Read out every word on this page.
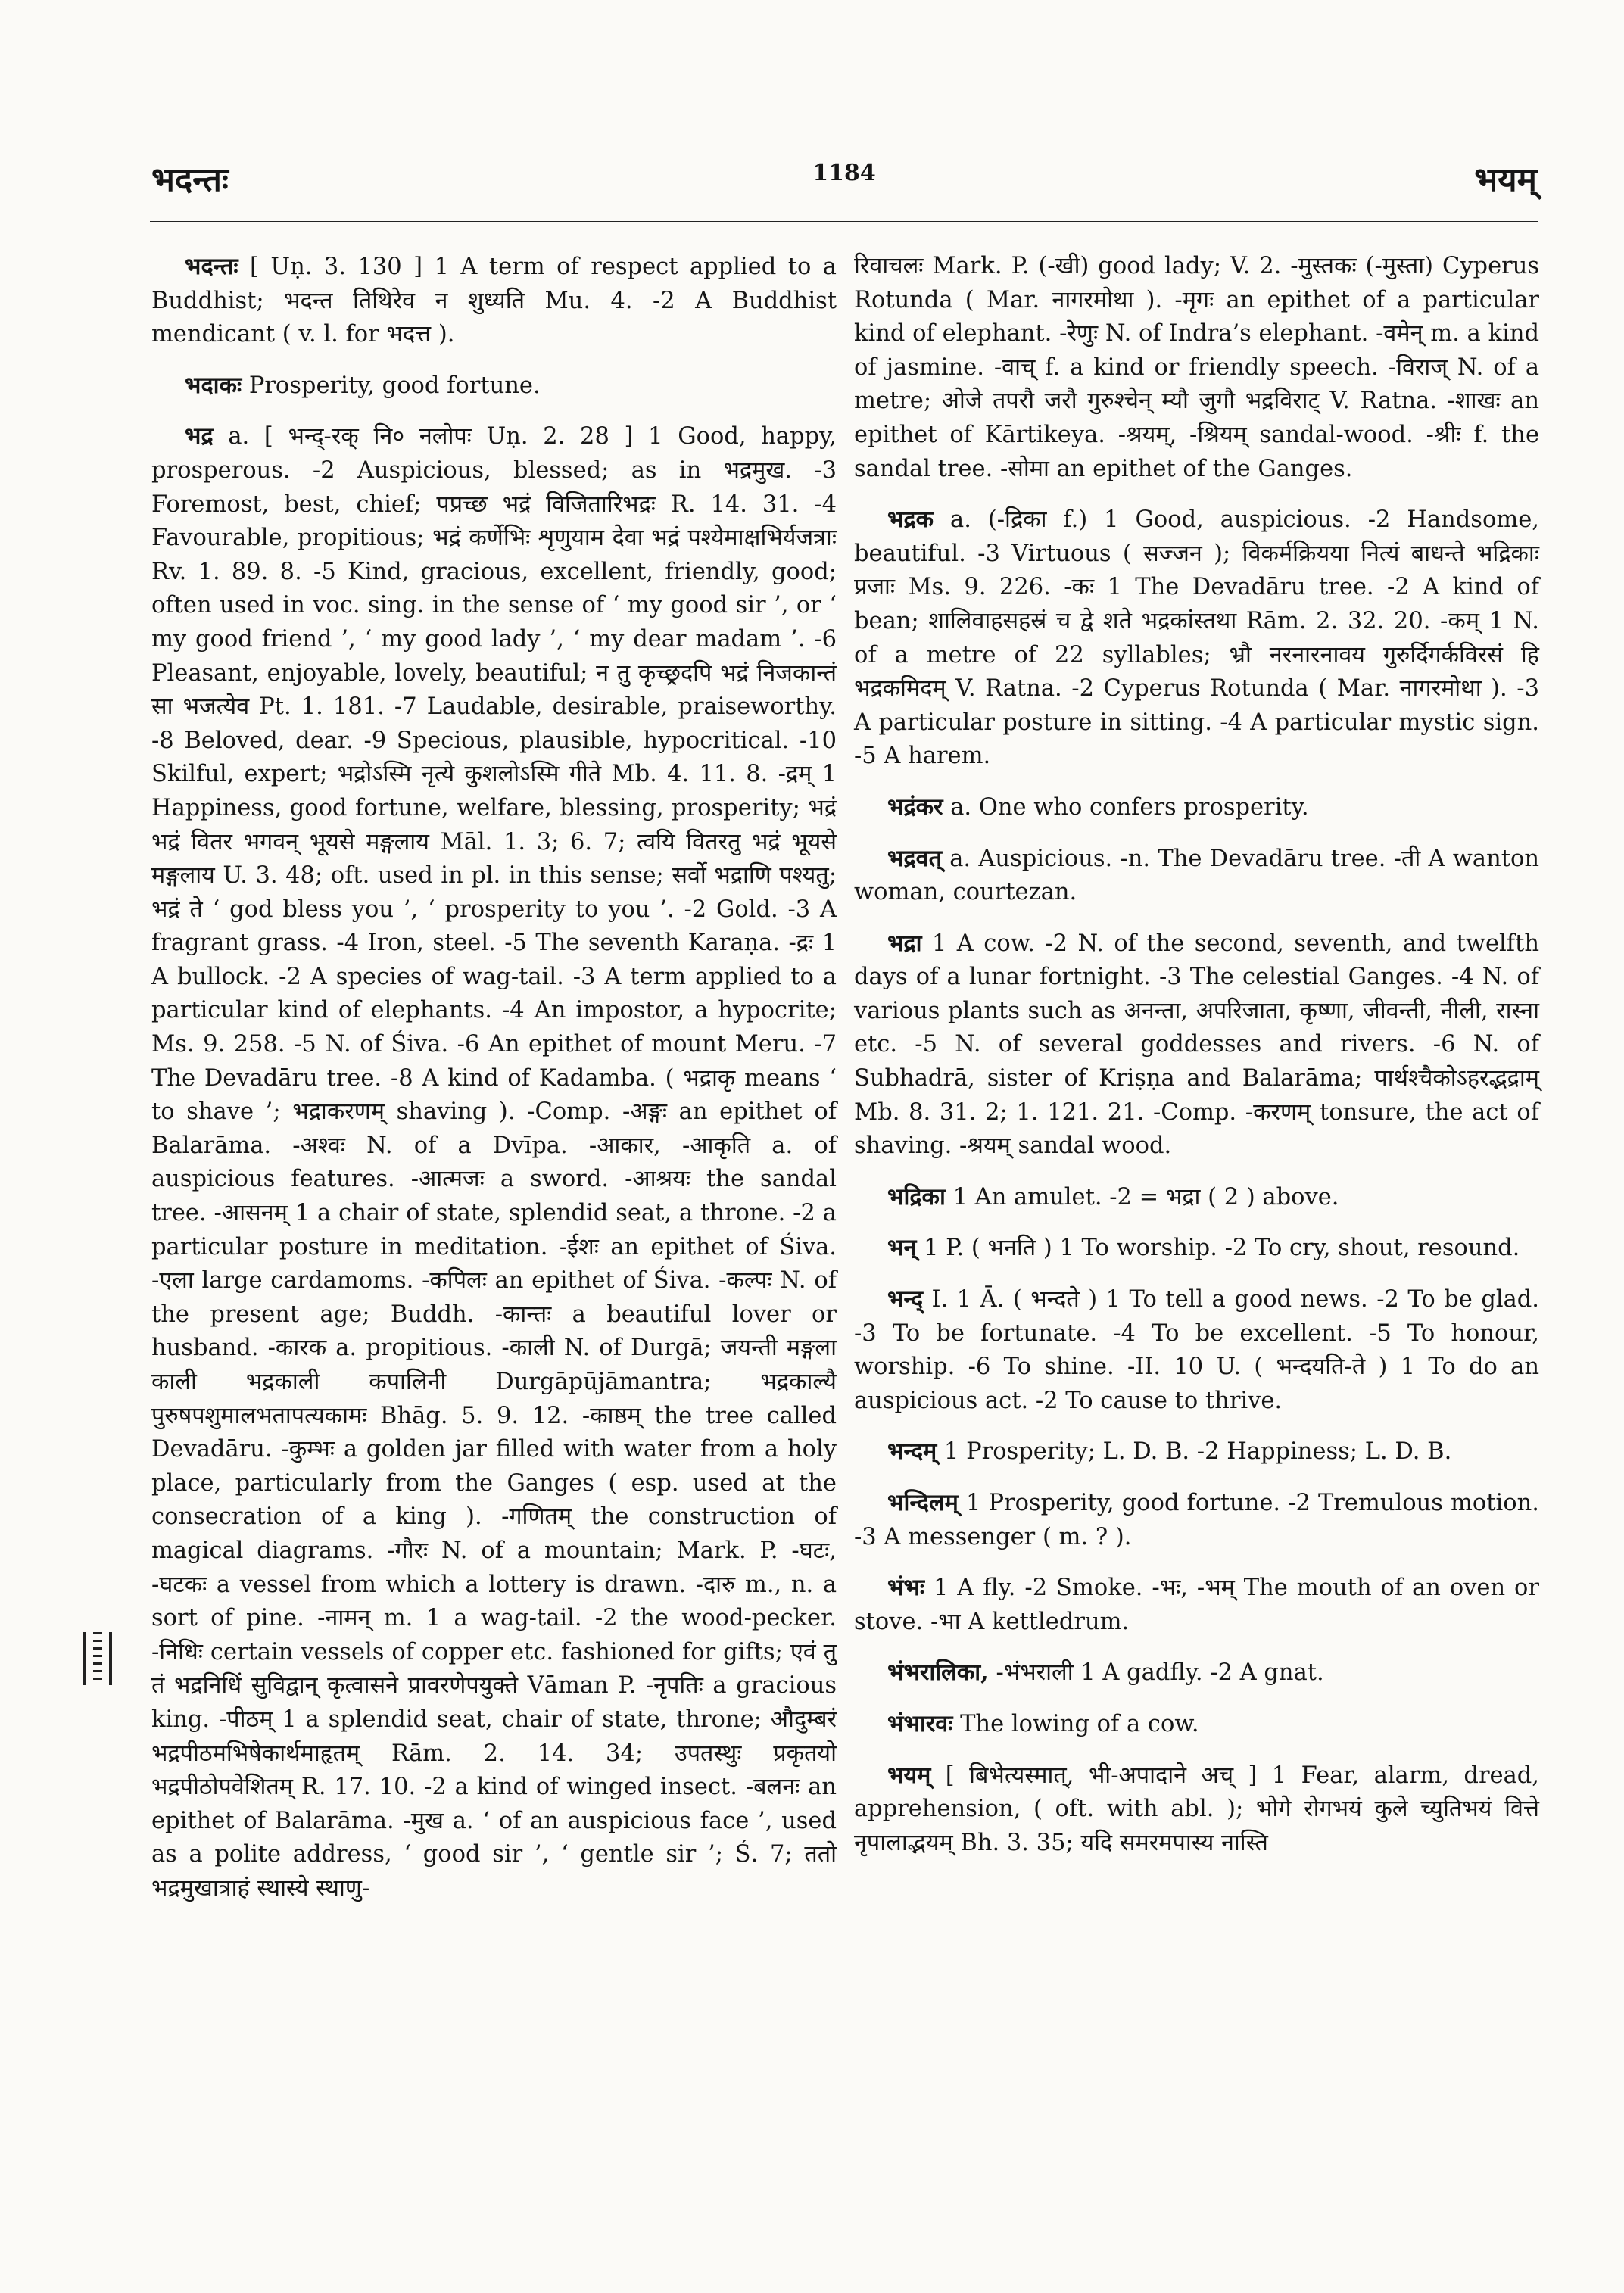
भदन्तः	1184	भयम्

भदन्तः [ Uṇ. 3. 130 ] 1 A term of respect applied to a Buddhist; भदन्त तिथिरेव न शुध्यति Mu. 4. -2 A Buddhist mendicant ( v. l. for भदत्त ).

भदाकः Prosperity, good fortune.

भद्र a. [ भन्द्-रक् नि० नलोपः Uṇ. 2. 28 ] 1 Good, happy, prosperous. -2 Auspicious, blessed; as in भद्रमुख. -3 Foremost, best, chief; पप्रच्छ भद्रं विजितारिभद्रः R. 14. 31. -4 Favourable, propitious; भद्रं कर्णेभिः शृणुयाम देवा भद्रं पश्येमाक्षभिर्यजत्राः Rv. 1. 89. 8. -5 Kind, gracious, excellent, friendly, good; often used in voc. sing. in the sense of ‘ my good sir ’, or ‘ my good friend ’, ‘ my good lady ’, ‘ my dear madam ’. -6 Pleasant, enjoyable, lovely, beautiful; न तु कृच्छ्रदपि भद्रं निजकान्तं सा भजत्येव Pt. 1. 181. -7 Laudable, desirable, praiseworthy. -8 Beloved, dear. -9 Specious, plausible, hypocritical. -10 Skilful, expert; भद्रोऽस्मि नृत्ये कुशलोऽस्मि गीते Mb. 4. 11. 8. -द्रम् 1 Happiness, good fortune, welfare, blessing, prosperity; भद्रं भद्रं वितर भगवन् भूयसे मङ्गलाय Māl. 1. 3; 6. 7; त्वयि वितरतु भद्रं भूयसे मङ्गलाय U. 3. 48; oft. used in pl. in this sense; सर्वो भद्राणि पश्यतु; भद्रं ते ‘ god bless you ’, ‘ prosperity to you ’. -2 Gold. -3 A fragrant grass. -4 Iron, steel. -5 The seventh Karaṇa. -द्रः 1 A bullock. -2 A species of wag-tail. -3 A term applied to a particular kind of elephants. -4 An impostor, a hypocrite; Ms. 9. 258. -5 N. of Śiva. -6 An epithet of mount Meru. -7 The Devadāru tree. -8 A kind of Kadamba. ( भद्राकृ means ‘ to shave ’; भद्राकरणम् shaving ). -Comp. -अङ्गः an epithet of Balarāma. -अश्वः N. of a Dvīpa. -आकार, -आकृति a. of auspicious features. -आत्मजः a sword. -आश्रयः the sandal tree. -आसनम् 1 a chair of state, splendid seat, a throne. -2 a particular posture in meditation. -ईशः an epithet of Śiva. -एला large cardamoms. -कपिलः an epithet of Śiva. -कल्पः N. of the present age; Buddh. -कान्तः a beautiful lover or husband. -कारक a. propitious. -काली N. of Durgā; जयन्ती मङ्गला काली भद्रकाली कपालिनी Durgāpūjāmantra; भद्रकाल्यै पुरुषपशुमालभतापत्यकामः Bhāg. 5. 9. 12. -काष्ठम् the tree called Devadāru. -कुम्भः a golden jar filled with water from a holy place, particularly from the Ganges ( esp. used at the consecration of a king ). -गणितम् the construction of magical diagrams. -गौरः N. of a mountain; Mark. P. -घटः, -घटकः a vessel from which a lottery is drawn. -दारु m., n. a sort of pine. -नामन् m. 1 a wag-tail. -2 the wood-pecker. -निधिः certain vessels of copper etc. fashioned for gifts; एवं तु तं भद्रनिधिं सुविद्वान् कृत्वासने प्रावरणेपयुक्ते Vāman P. -नृपतिः a gracious king. -पीठम् 1 a splendid seat, chair of state, throne; औदुम्बरं भद्रपीठमभिषेकार्थमाहृतम् Rām. 2. 14. 34; उपतस्थुः प्रकृतयो भद्रपीठोपवेशितम् R. 17. 10. -2 a kind of winged insect. -बलनः an epithet of Balarāma. -मुख a. ‘ of an auspicious face ’, used as a polite address, ‘ good sir ’, ‘ gentle sir ’; Ś. 7; ततो भद्रमुखात्राहं स्थास्ये स्थाणु-

रिवाचलः Mark. P. (-खी) good lady; V. 2. -मुस्तकः (-मुस्ता) Cyperus Rotunda ( Mar. नागरमोथा ). -मृगः an epithet of a particular kind of elephant. -रेणुः N. of Indra’s elephant. -वमेन् m. a kind of jasmine. -वाच् f. a kind or friendly speech. -विराज् N. of a metre; ओजे तपरौ जरौ गुरुश्चेन् म्यौ जुगौ भद्रविराट् V. Ratna. -शाखः an epithet of Kārtikeya. -श्रयम्, -श्रियम् sandal-wood. -श्रीः f. the sandal tree. -सोमा an epithet of the Ganges.

भद्रक a. (-द्रिका f.) 1 Good, auspicious. -2 Handsome, beautiful. -3 Virtuous ( सज्जन ); विकर्मक्रियया नित्यं बाधन्ते भद्रिकाः प्रजाः Ms. 9. 226. -कः 1 The Devadāru tree. -2 A kind of bean; शालिवाहसहस्रं च द्वे शते भद्रकांस्तथा Rām. 2. 32. 20. -कम् 1 N. of a metre of 22 syllables; भ्रौ नरनारनावय गुरुर्दिगर्कविरसं हि भद्रकमिदम् V. Ratna. -2 Cyperus Rotunda ( Mar. नागरमोथा ). -3 A particular posture in sitting. -4 A particular mystic sign. -5 A harem.

भद्रंकर a. One who confers prosperity.

भद्रवत् a. Auspicious. -n. The Devadāru tree. -ती A wanton woman, courtezan.

भद्रा 1 A cow. -2 N. of the second, seventh, and twelfth days of a lunar fortnight. -3 The celestial Ganges. -4 N. of various plants such as अनन्ता, अपरिजाता, कृष्णा, जीवन्ती, नीली, रास्ना etc. -5 N. of several goddesses and rivers. -6 N. of Subhadrā, sister of Kriṣṇa and Balarāma; पार्थश्चैकोऽहरद्भद्राम् Mb. 8. 31. 2; 1. 121. 21. -Comp. -करणम् tonsure, the act of shaving. -श्रयम् sandal wood.

भद्रिका 1 An amulet. -2 = भद्रा ( 2 ) above.

भन् 1 P. ( भनति ) 1 To worship. -2 To cry, shout, resound.

भन्द् I. 1 Ā. ( भन्दते ) 1 To tell a good news. -2 To be glad. -3 To be fortunate. -4 To be excellent. -5 To honour, worship. -6 To shine. -II. 10 U. ( भन्दयति-ते ) 1 To do an auspicious act. -2 To cause to thrive.

भन्दम् 1 Prosperity; L. D. B. -2 Happiness; L. D. B.

भन्दिलम् 1 Prosperity, good fortune. -2 Tremulous motion. -3 A messenger ( m. ? ).

भंभः 1 A fly. -2 Smoke. -भः, -भम् The mouth of an oven or stove. -भा A kettledrum.

भंभरालिका, -भंभराली 1 A gadfly. -2 A gnat.

भंभारवः The lowing of a cow.

भयम् [ बिभेत्यस्मात्, भी-अपादाने अच् ] 1 Fear, alarm, dread, apprehension, ( oft. with abl. ); भोगे रोगभयं कुले च्युतिभयं वित्ते नृपालाद्भयम् Bh. 3. 35; यदि समरमपास्य नास्ति
